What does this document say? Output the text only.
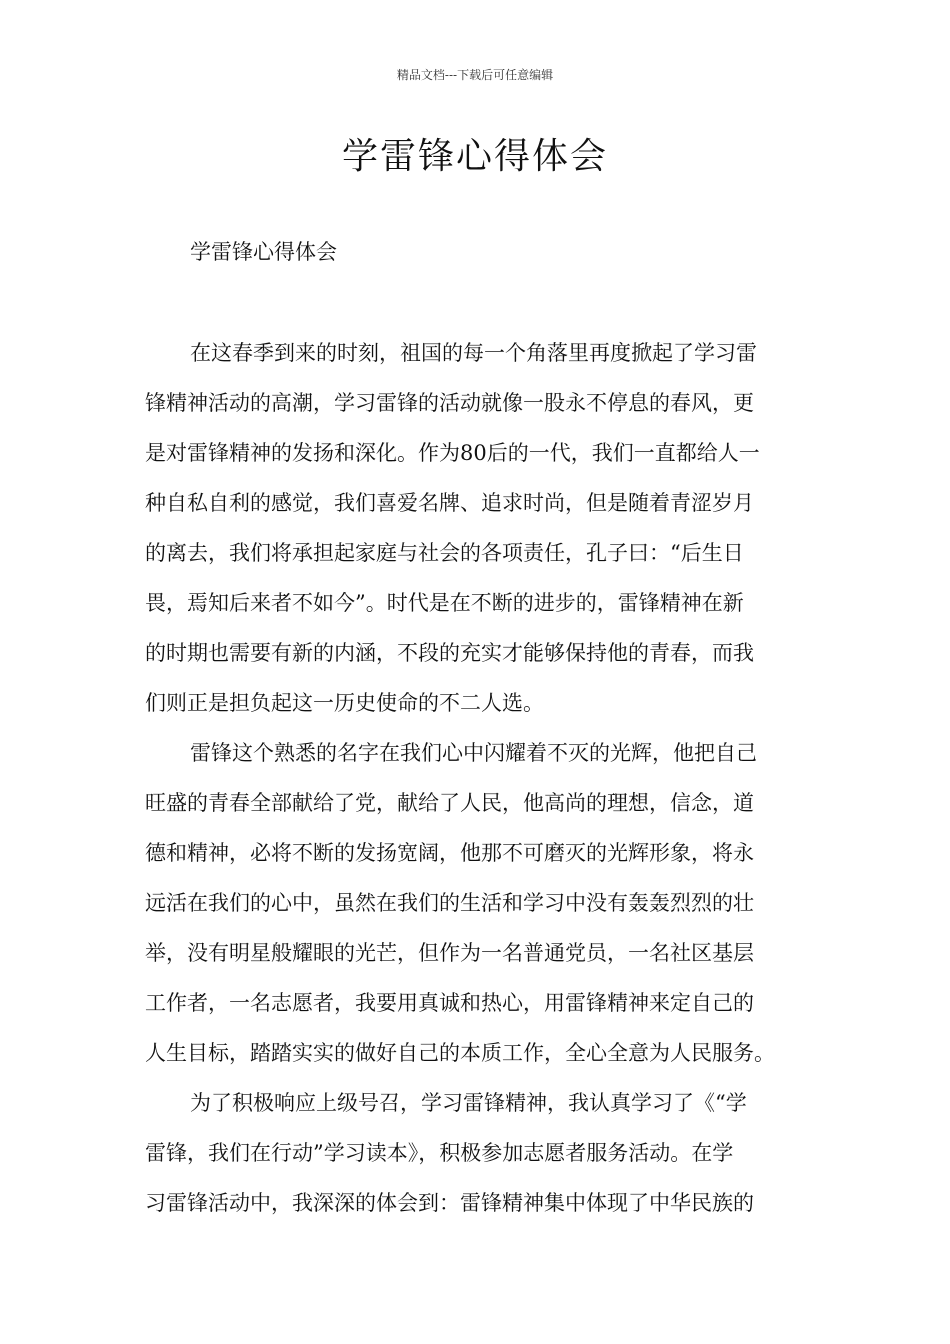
精品文档---下载后可任意编辑
学雷锋心得体会
学雷锋心得体会
在这春季到来的时刻，祖国的每一个角落里再度掀起了学习雷
锋精神活动的高潮，学习雷锋的活动就像一股永不停息的春风，更
是对雷锋精神的发扬和深化。作为80后的一代，我们一直都给人一
种自私自利的感觉，我们喜爱名牌、追求时尚，但是随着青涩岁月
的离去，我们将承担起家庭与社会的各项责任，孔子曰：“后生日
畏，焉知后来者不如今”。时代是在不断的进步的，雷锋精神在新
的时期也需要有新的内涵，不段的充实才能够保持他的青春，而我
们则正是担负起这一历史使命的不二人选。
雷锋这个熟悉的名字在我们心中闪耀着不灭的光辉，他把自己
旺盛的青春全部献给了党，献给了人民，他高尚的理想，信念，道
德和精神，必将不断的发扬宽阔，他那不可磨灭的光辉形象，将永
远活在我们的心中，虽然在我们的生活和学习中没有轰轰烈烈的壮
举，没有明星般耀眼的光芒，但作为一名普通党员，一名社区基层
工作者，一名志愿者，我要用真诚和热心，用雷锋精神来定自己的
人生目标，踏踏实实的做好自己的本质工作，全心全意为人民服务。
为了积极响应上级号召，学习雷锋精神，我认真学习了《“学
雷锋，我们在行动”学习读本》，积极参加志愿者服务活动。在学
习雷锋活动中，我深深的体会到：雷锋精神集中体现了中华民族的
